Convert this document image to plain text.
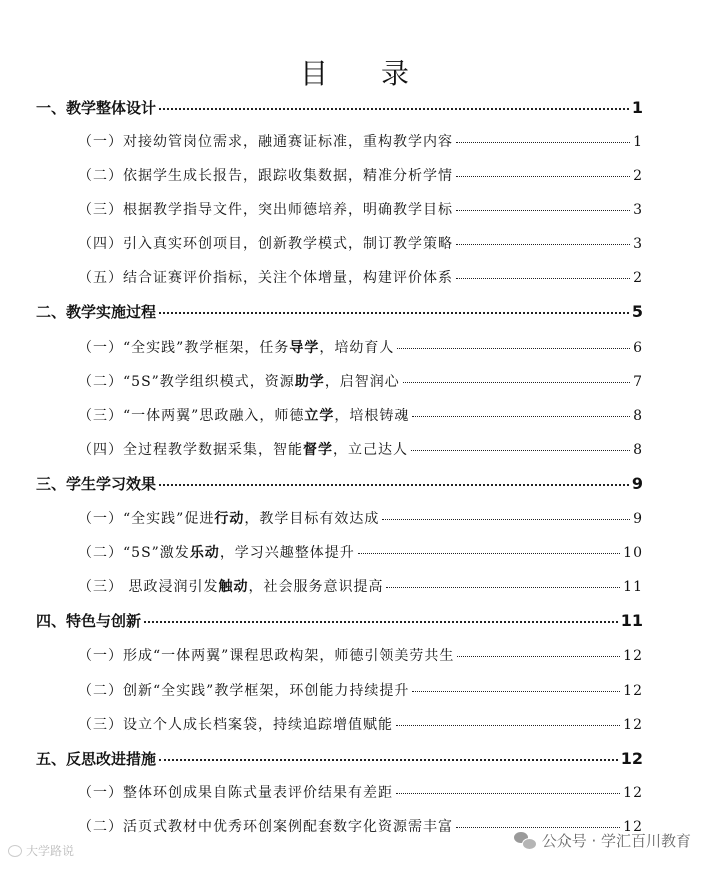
目 录
一、教学整体设计	1
（一）对接幼管岗位需求，融通赛证标准，重构教学内容	1
（二）依据学生成长报告，跟踪收集数据，精准分析学情	2
（三）根据教学指导文件，突出师德培养，明确教学目标	3
（四）引入真实环创项目，创新教学模式，制订教学策略	3
（五）结合证赛评价指标，关注个体增量，构建评价体系	2
二、教学实施过程	5
（一）“全实践”教学框架，任务导学，培幼育人	6
（二）“5S”教学组织模式，资源助学，启智润心	7
（三）“一体两翼”思政融入，师德立学，培根铸魂	8
（四）全过程教学数据采集，智能督学，立己达人	8
三、学生学习效果	9
（一）“全实践”促进行动，教学目标有效达成	9
（二）“5S”激发乐动，学习兴趣整体提升	10
（三） 思政浸润引发触动，社会服务意识提高	11
四、特色与创新	11
（一）形成“一体两翼”课程思政构架，师德引领美劳共生	12
（二）创新“全实践”教学框架，环创能力持续提升	12
（三）设立个人成长档案袋，持续追踪增值赋能	12
五、反思改进措施	12
（一）整体环创成果自陈式量表评价结果有差距	12
（二）活页式教材中优秀环创案例配套数字化资源需丰富	12
大学路说
公众号 · 学汇百川教育
